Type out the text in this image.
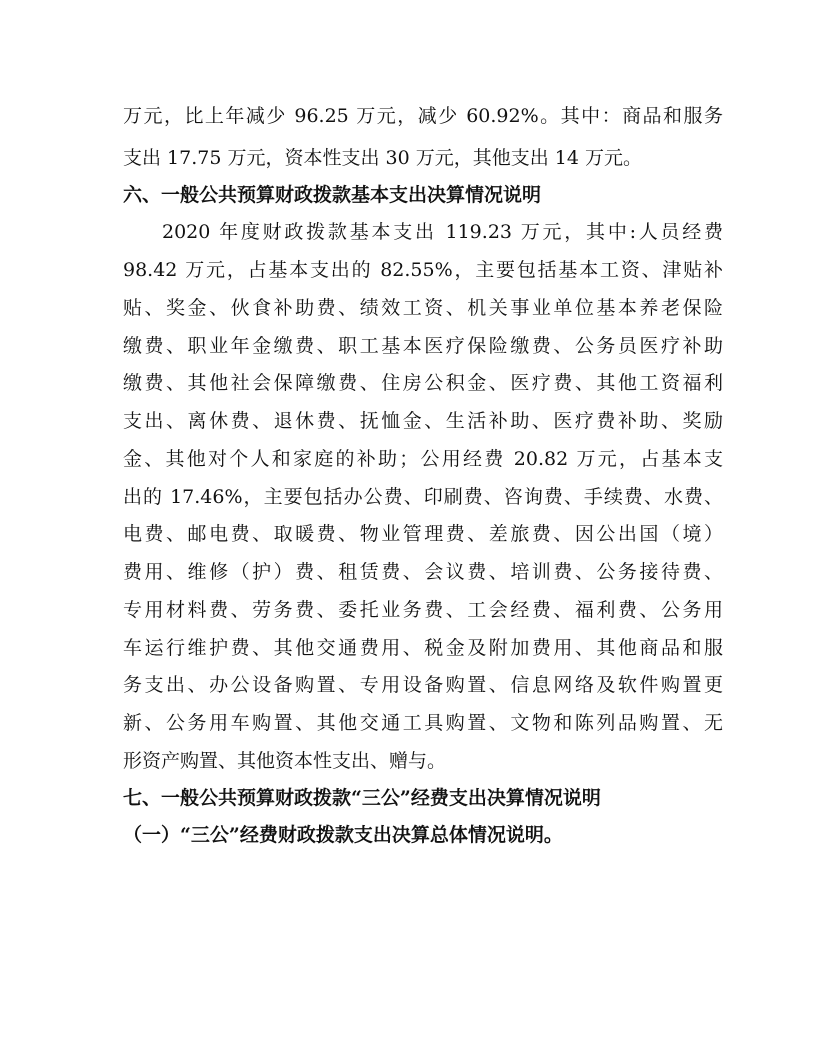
万元，比上年减少 96.25 万元，减少 60.92%。其中：商品和服务
支出 17.75 万元，资本性支出 30 万元，其他支出 14 万元。
六、一般公共预算财政拨款基本支出决算情况说明
2020 年度财政拨款基本支出 119.23 万元，其中:人员经费
98.42 万元，占基本支出的 82.55%，主要包括基本工资、津贴补
贴、奖金、伙食补助费、绩效工资、机关事业单位基本养老保险
缴费、职业年金缴费、职工基本医疗保险缴费、公务员医疗补助
缴费、其他社会保障缴费、住房公积金、医疗费、其他工资福利
支出、离休费、退休费、抚恤金、生活补助、医疗费补助、奖励
金、其他对个人和家庭的补助；公用经费 20.82 万元，占基本支
出的 17.46%，主要包括办公费、印刷费、咨询费、手续费、水费、
电费、邮电费、取暖费、物业管理费、差旅费、因公出国（境）
费用、维修（护）费、租赁费、会议费、培训费、公务接待费、
专用材料费、劳务费、委托业务费、工会经费、福利费、公务用
车运行维护费、其他交通费用、税金及附加费用、其他商品和服
务支出、办公设备购置、专用设备购置、信息网络及软件购置更
新、公务用车购置、其他交通工具购置、文物和陈列品购置、无
形资产购置、其他资本性支出、赠与。
七、一般公共预算财政拨款“三公”经费支出决算情况说明
（一）“三公”经费财政拨款支出决算总体情况说明。
